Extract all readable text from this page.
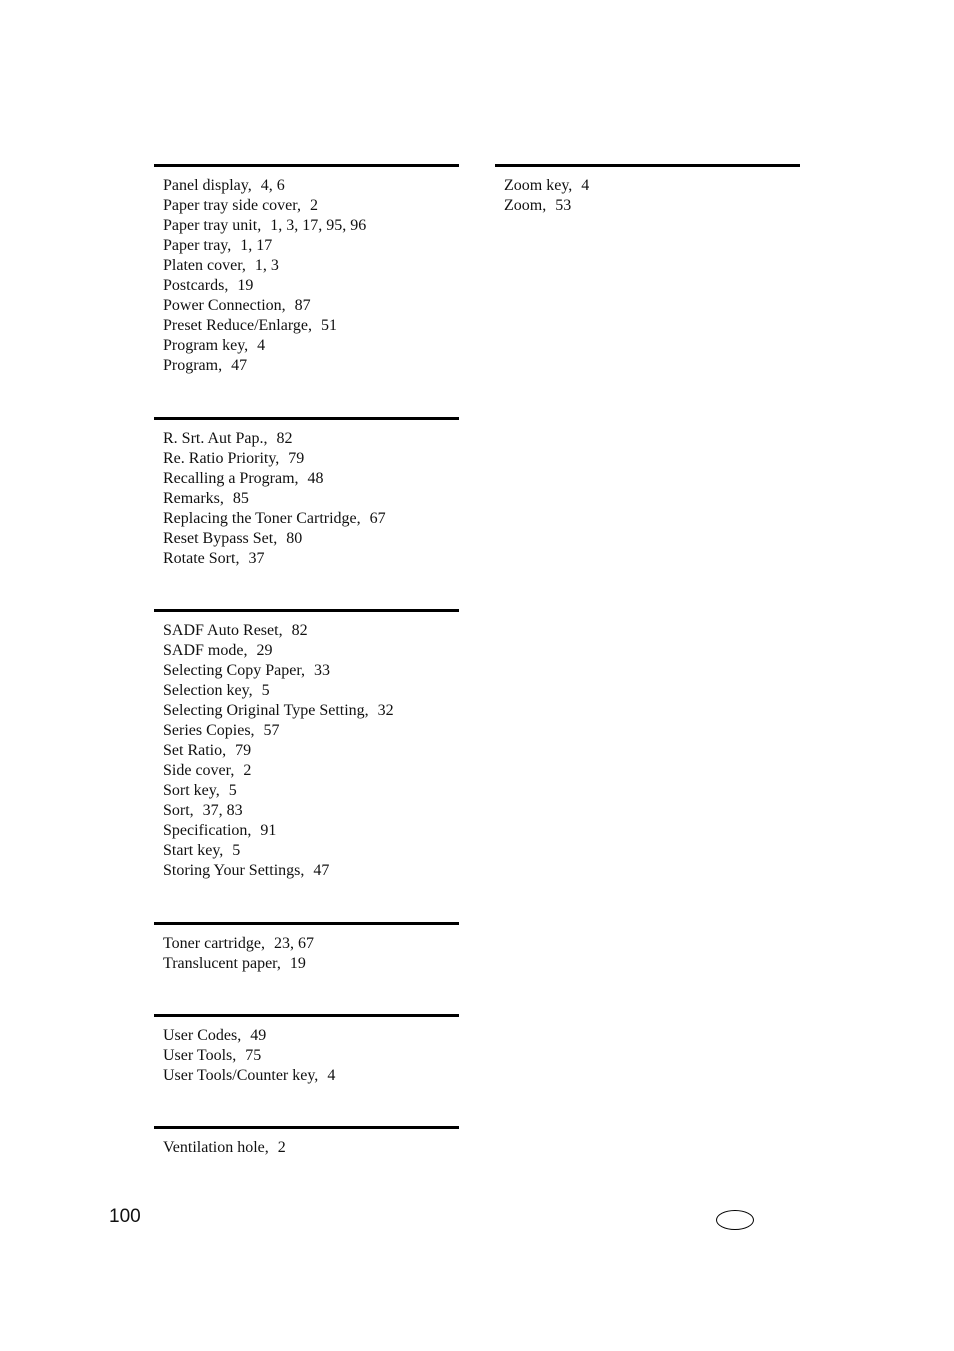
Panel display, 4, 6
Paper tray side cover, 2
Paper tray unit, 1, 3, 17, 95, 96
Paper tray, 1, 17
Platen cover, 1, 3
Postcards, 19
Power Connection, 87
Preset Reduce/Enlarge, 51
Program key, 4
Program, 47
R. Srt. Aut Pap., 82
Re. Ratio Priority, 79
Recalling a Program, 48
Remarks, 85
Replacing the Toner Cartridge, 67
Reset Bypass Set, 80
Rotate Sort, 37
SADF Auto Reset, 82
SADF mode, 29
Selecting Copy Paper, 33
Selection key, 5
Selecting Original Type Setting, 32
Series Copies, 57
Set Ratio, 79
Side cover, 2
Sort key, 5
Sort, 37, 83
Specification, 91
Start key, 5
Storing Your Settings, 47
Toner cartridge, 23, 67
Translucent paper, 19
User Codes, 49
User Tools, 75
User Tools/Counter key, 4
Ventilation hole, 2
Zoom key, 4
Zoom, 53
100
